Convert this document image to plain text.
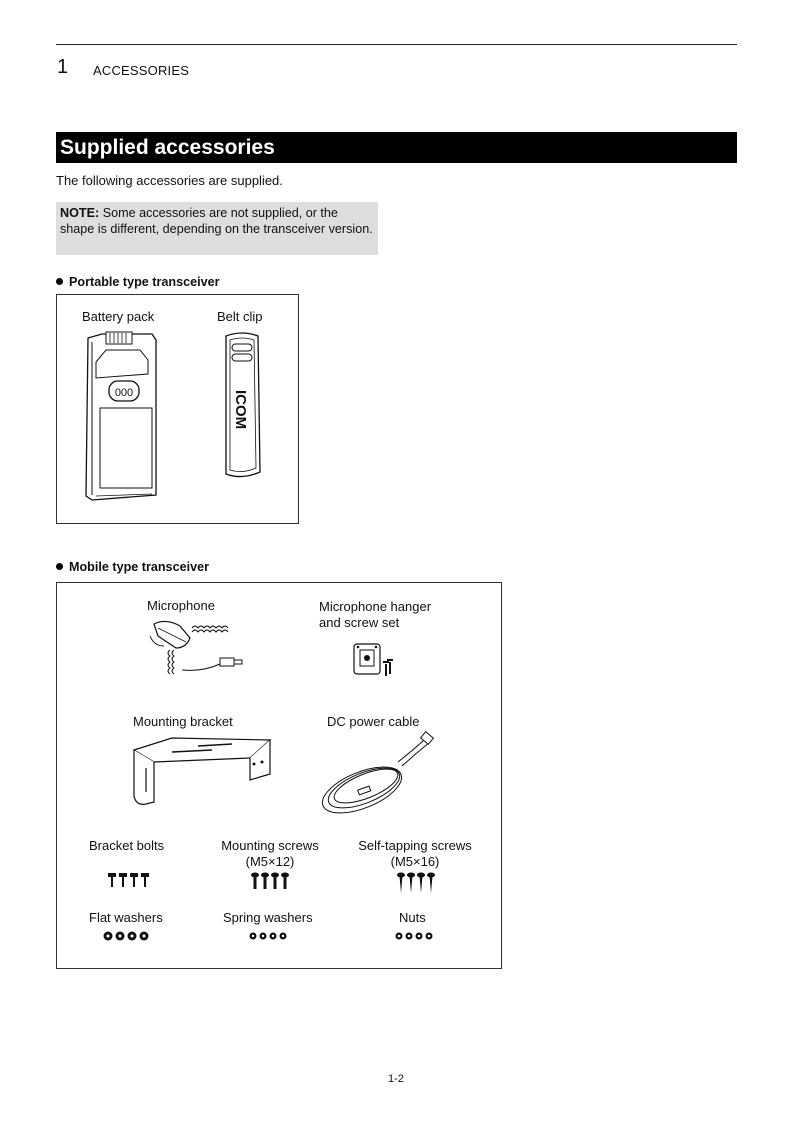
1 ACCESSORIES
Supplied accessories
The following accessories are supplied.
NOTE: Some accessories are not supplied, or the shape is different, depending on the transceiver version.
Portable type transceiver
Battery pack	Belt clip
000	ICOM
Mobile type transceiver
Microphone	Microphone hanger
and screw set
Mounting bracket	DC power cable
Bracket bolts	Mounting screws
(M5×12)
Self-tapping screws
(M5×16)
Flat washers	Spring washers	Nuts
1-2
